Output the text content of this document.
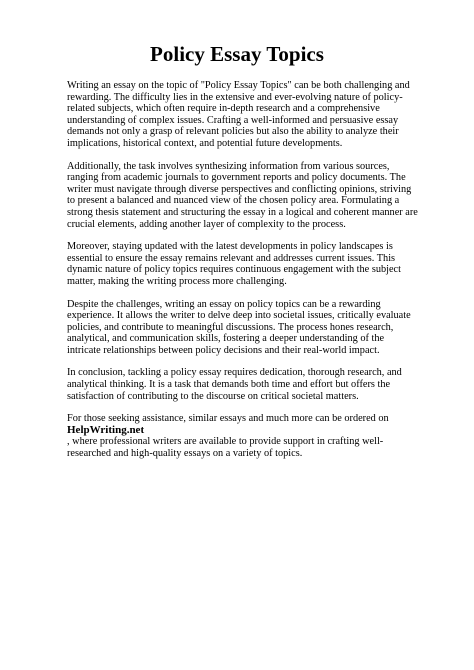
Policy Essay Topics

Writing an essay on the topic of "Policy Essay Topics" can be both challenging and rewarding. The difficulty lies in the extensive and ever-evolving nature of policy-related subjects, which often require in-depth research and a comprehensive understanding of complex issues. Crafting a well-informed and persuasive essay demands not only a grasp of relevant policies but also the ability to analyze their implications, historical context, and potential future developments.

Additionally, the task involves synthesizing information from various sources, ranging from academic journals to government reports and policy documents. The writer must navigate through diverse perspectives and conflicting opinions, striving to present a balanced and nuanced view of the chosen policy area. Formulating a strong thesis statement and structuring the essay in a logical and coherent manner are crucial elements, adding another layer of complexity to the process.

Moreover, staying updated with the latest developments in policy landscapes is essential to ensure the essay remains relevant and addresses current issues. This dynamic nature of policy topics requires continuous engagement with the subject matter, making the writing process more challenging.

Despite the challenges, writing an essay on policy topics can be a rewarding experience. It allows the writer to delve deep into societal issues, critically evaluate policies, and contribute to meaningful discussions. The process hones research, analytical, and communication skills, fostering a deeper understanding of the intricate relationships between policy decisions and their real-world impact.

In conclusion, tackling a policy essay requires dedication, thorough research, and analytical thinking. It is a task that demands both time and effort but offers the satisfaction of contributing to the discourse on critical societal matters.

For those seeking assistance, similar essays and much more can be ordered on HelpWriting.net
, where professional writers are available to provide support in crafting well-researched and high-quality essays on a variety of topics.
